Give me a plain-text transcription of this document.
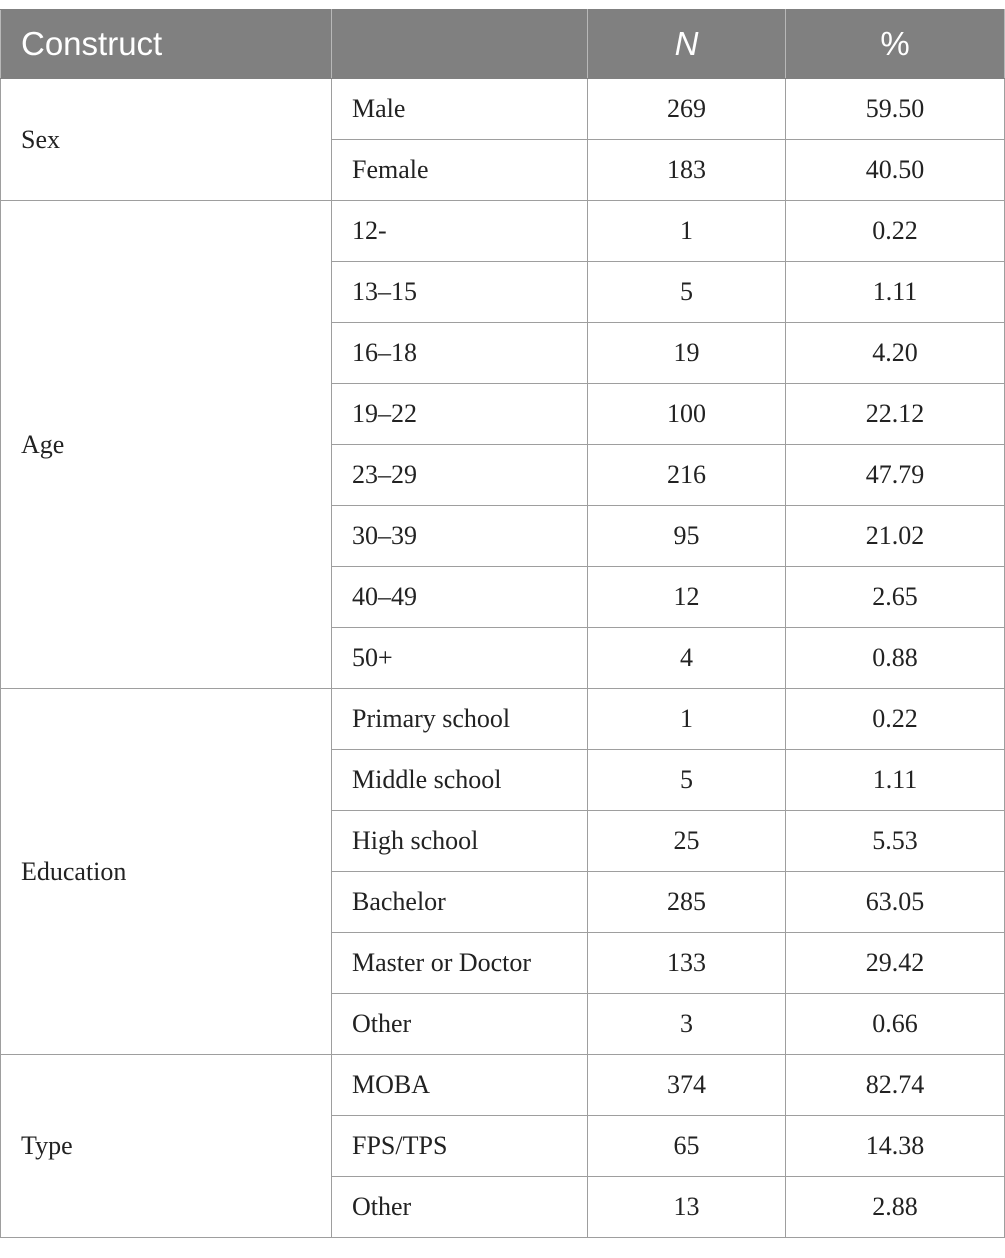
Construct		N	%
Sex	Male	269	59.50
	Female	183	40.50
Age	12-	1	0.22
	13–15	5	1.11
	16–18	19	4.20
	19–22	100	22.12
	23–29	216	47.79
	30–39	95	21.02
	40–49	12	2.65
	50+	4	0.88
Education	Primary school	1	0.22
	Middle school	5	1.11
	High school	25	5.53
	Bachelor	285	63.05
	Master or Doctor	133	29.42
	Other	3	0.66
Type	MOBA	374	82.74
	FPS/TPS	65	14.38
	Other	13	2.88
